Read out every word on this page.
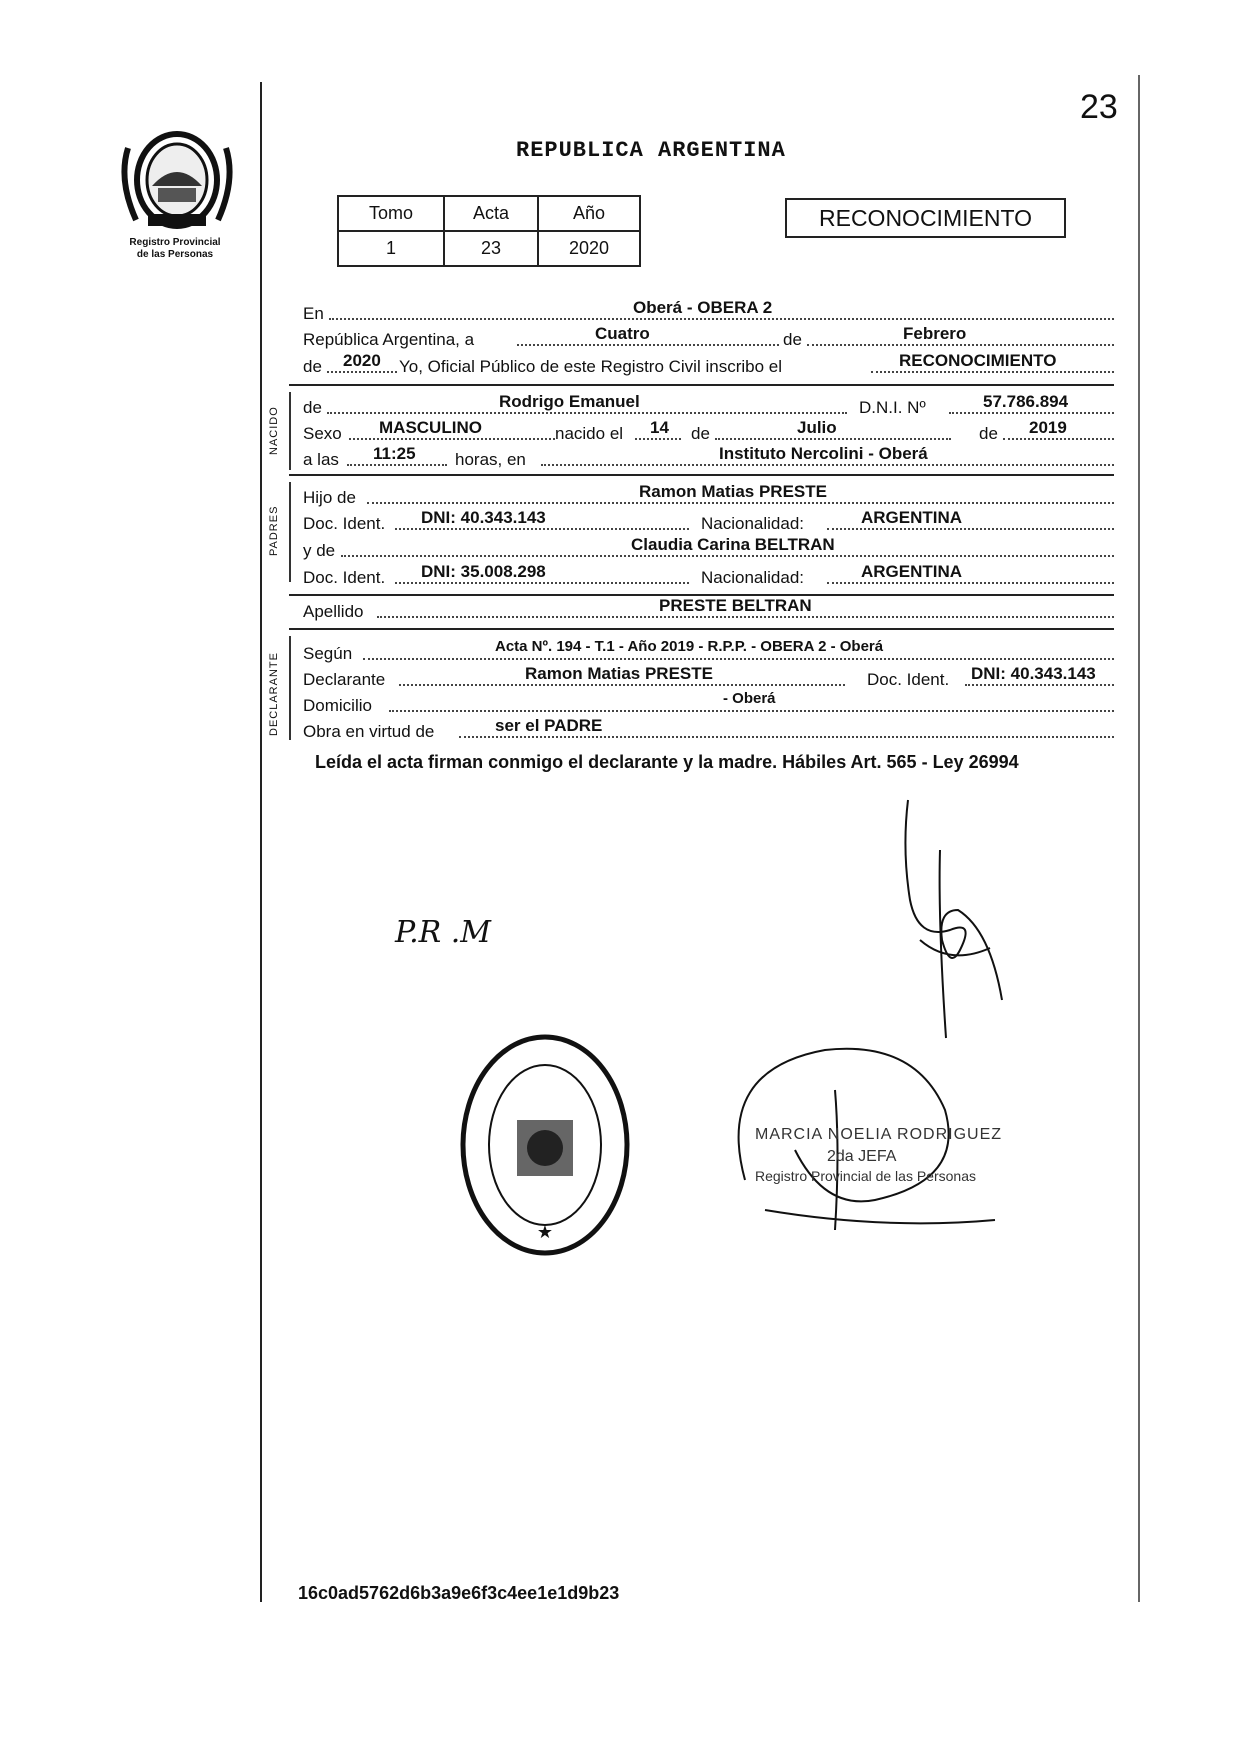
23
Registro Provincial
de las Personas
REPUBLICA ARGENTINA
Tomo	Acta	Año
1	23	2020
RECONOCIMIENTO
En	Oberá - OBERA 2
República Argentina, a	Cuatro	de	Febrero
de 2020 Yo, Oficial Público de este Registro Civil inscribo el	RECONOCIMIENTO
NACIDO de	Rodrigo Emanuel	D.N.I. Nº	57.786.894
Sexo MASCULINO	nacido el 14 de	Julio	de 2019
a las 11:25 horas, en	Instituto Nercolini - Oberá
PADRES
Hijo de	Ramon Matias PRESTE
Doc. Ident. DNI: 40.343.143	Nacionalidad:	ARGENTINA
y de	Claudia Carina BELTRAN
Doc. Ident. DNI: 35.008.298	Nacionalidad:	ARGENTINA
Apellido	PRESTE BELTRAN
DECLARANTE Según	Acta Nº. 194 - T.1 - Año 2019 - R.P.P. - OBERA 2 - Oberá
Declarante	Ramon Matias PRESTE	Doc. Ident. DNI: 40.343.143
Domicilio	- Oberá
Obra en virtud de	ser el PADRE
Leída el acta firman conmigo el declarante y la madre. Hábiles Art. 565 - Ley 26994
P.R .M
★
MARCIA NOELIA RODRIGUEZ
2da JEFA
Registro Provincial de las Personas
16c0ad5762d6b3a9e6f3c4ee1e1d9b23
